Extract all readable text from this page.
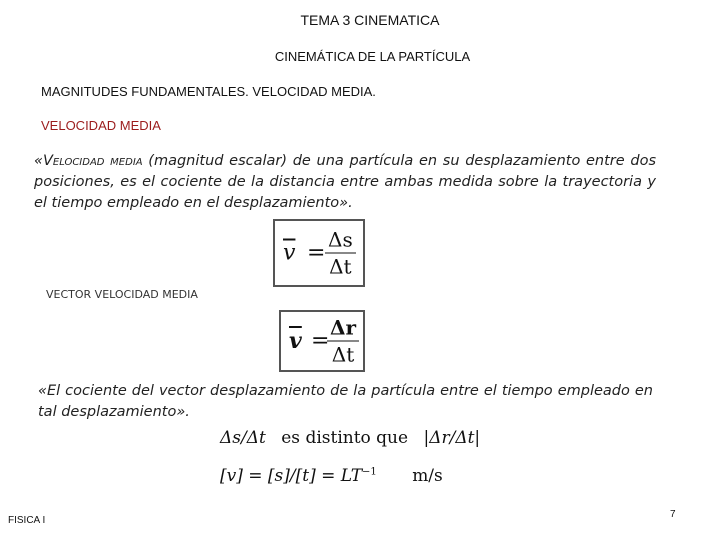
TEMA 3 CINEMATICA
CINEMÁTICA DE LA PARTÍCULA
MAGNITUDES FUNDAMENTALES. VELOCIDAD MEDIA.
VELOCIDAD MEDIA
«Velocidad media (magnitud escalar) de una partícula en su desplazamiento entre dos posiciones, es el cociente de la distancia entre ambas medida sobre la trayectoria y el tiempo empleado en el desplazamiento».
$\overline{v} = \frac{\Delta s}{\Delta t}$
VECTOR VELOCIDAD MEDIA
$\overline{v}$ =
$\frac{\Delta r}{\Delta t}$
«El cociente del vector desplazamiento de la partícula entre el tiempo empleado en tal desplazamiento».
Δs/Δt es distinto que |Δr/Δt|
$[v] = [s]/[t] = LT^{-1}$ m/s
FISICA I
7
